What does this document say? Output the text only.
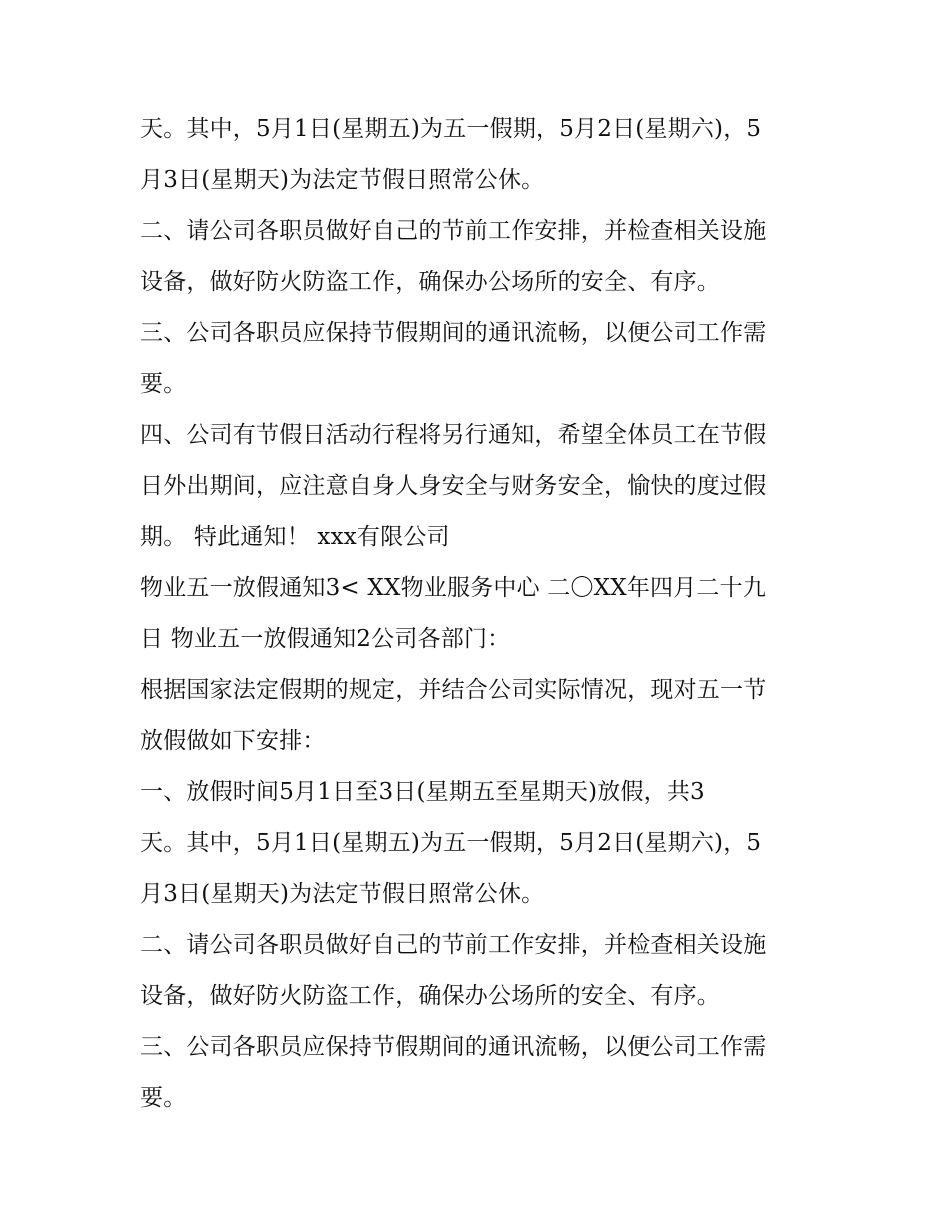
天。其中，5月1日(星期五)为五一假期，5月2日(星期六)，5
月3日(星期天)为法定节假日照常公休。
二、请公司各职员做好自己的节前工作安排，并检查相关设施
设备，做好防火防盗工作，确保办公场所的安全、有序。
三、公司各职员应保持节假期间的通讯流畅，以便公司工作需
要。
四、公司有节假日活动行程将另行通知，希望全体员工在节假
日外出期间，应注意自身人身安全与财务安全，愉快的度过假
期。 特此通知！ xxx有限公司
物业五一放假通知3< XX物业服务中心 二〇XX年四月二十九
日 物业五一放假通知2公司各部门：
根据国家法定假期的规定，并结合公司实际情况，现对五一节
放假做如下安排：
一、放假时间5月1日至3日(星期五至星期天)放假，共3
天。其中，5月1日(星期五)为五一假期，5月2日(星期六)，5
月3日(星期天)为法定节假日照常公休。
二、请公司各职员做好自己的节前工作安排，并检查相关设施
设备，做好防火防盗工作，确保办公场所的安全、有序。
三、公司各职员应保持节假期间的通讯流畅，以便公司工作需
要。
